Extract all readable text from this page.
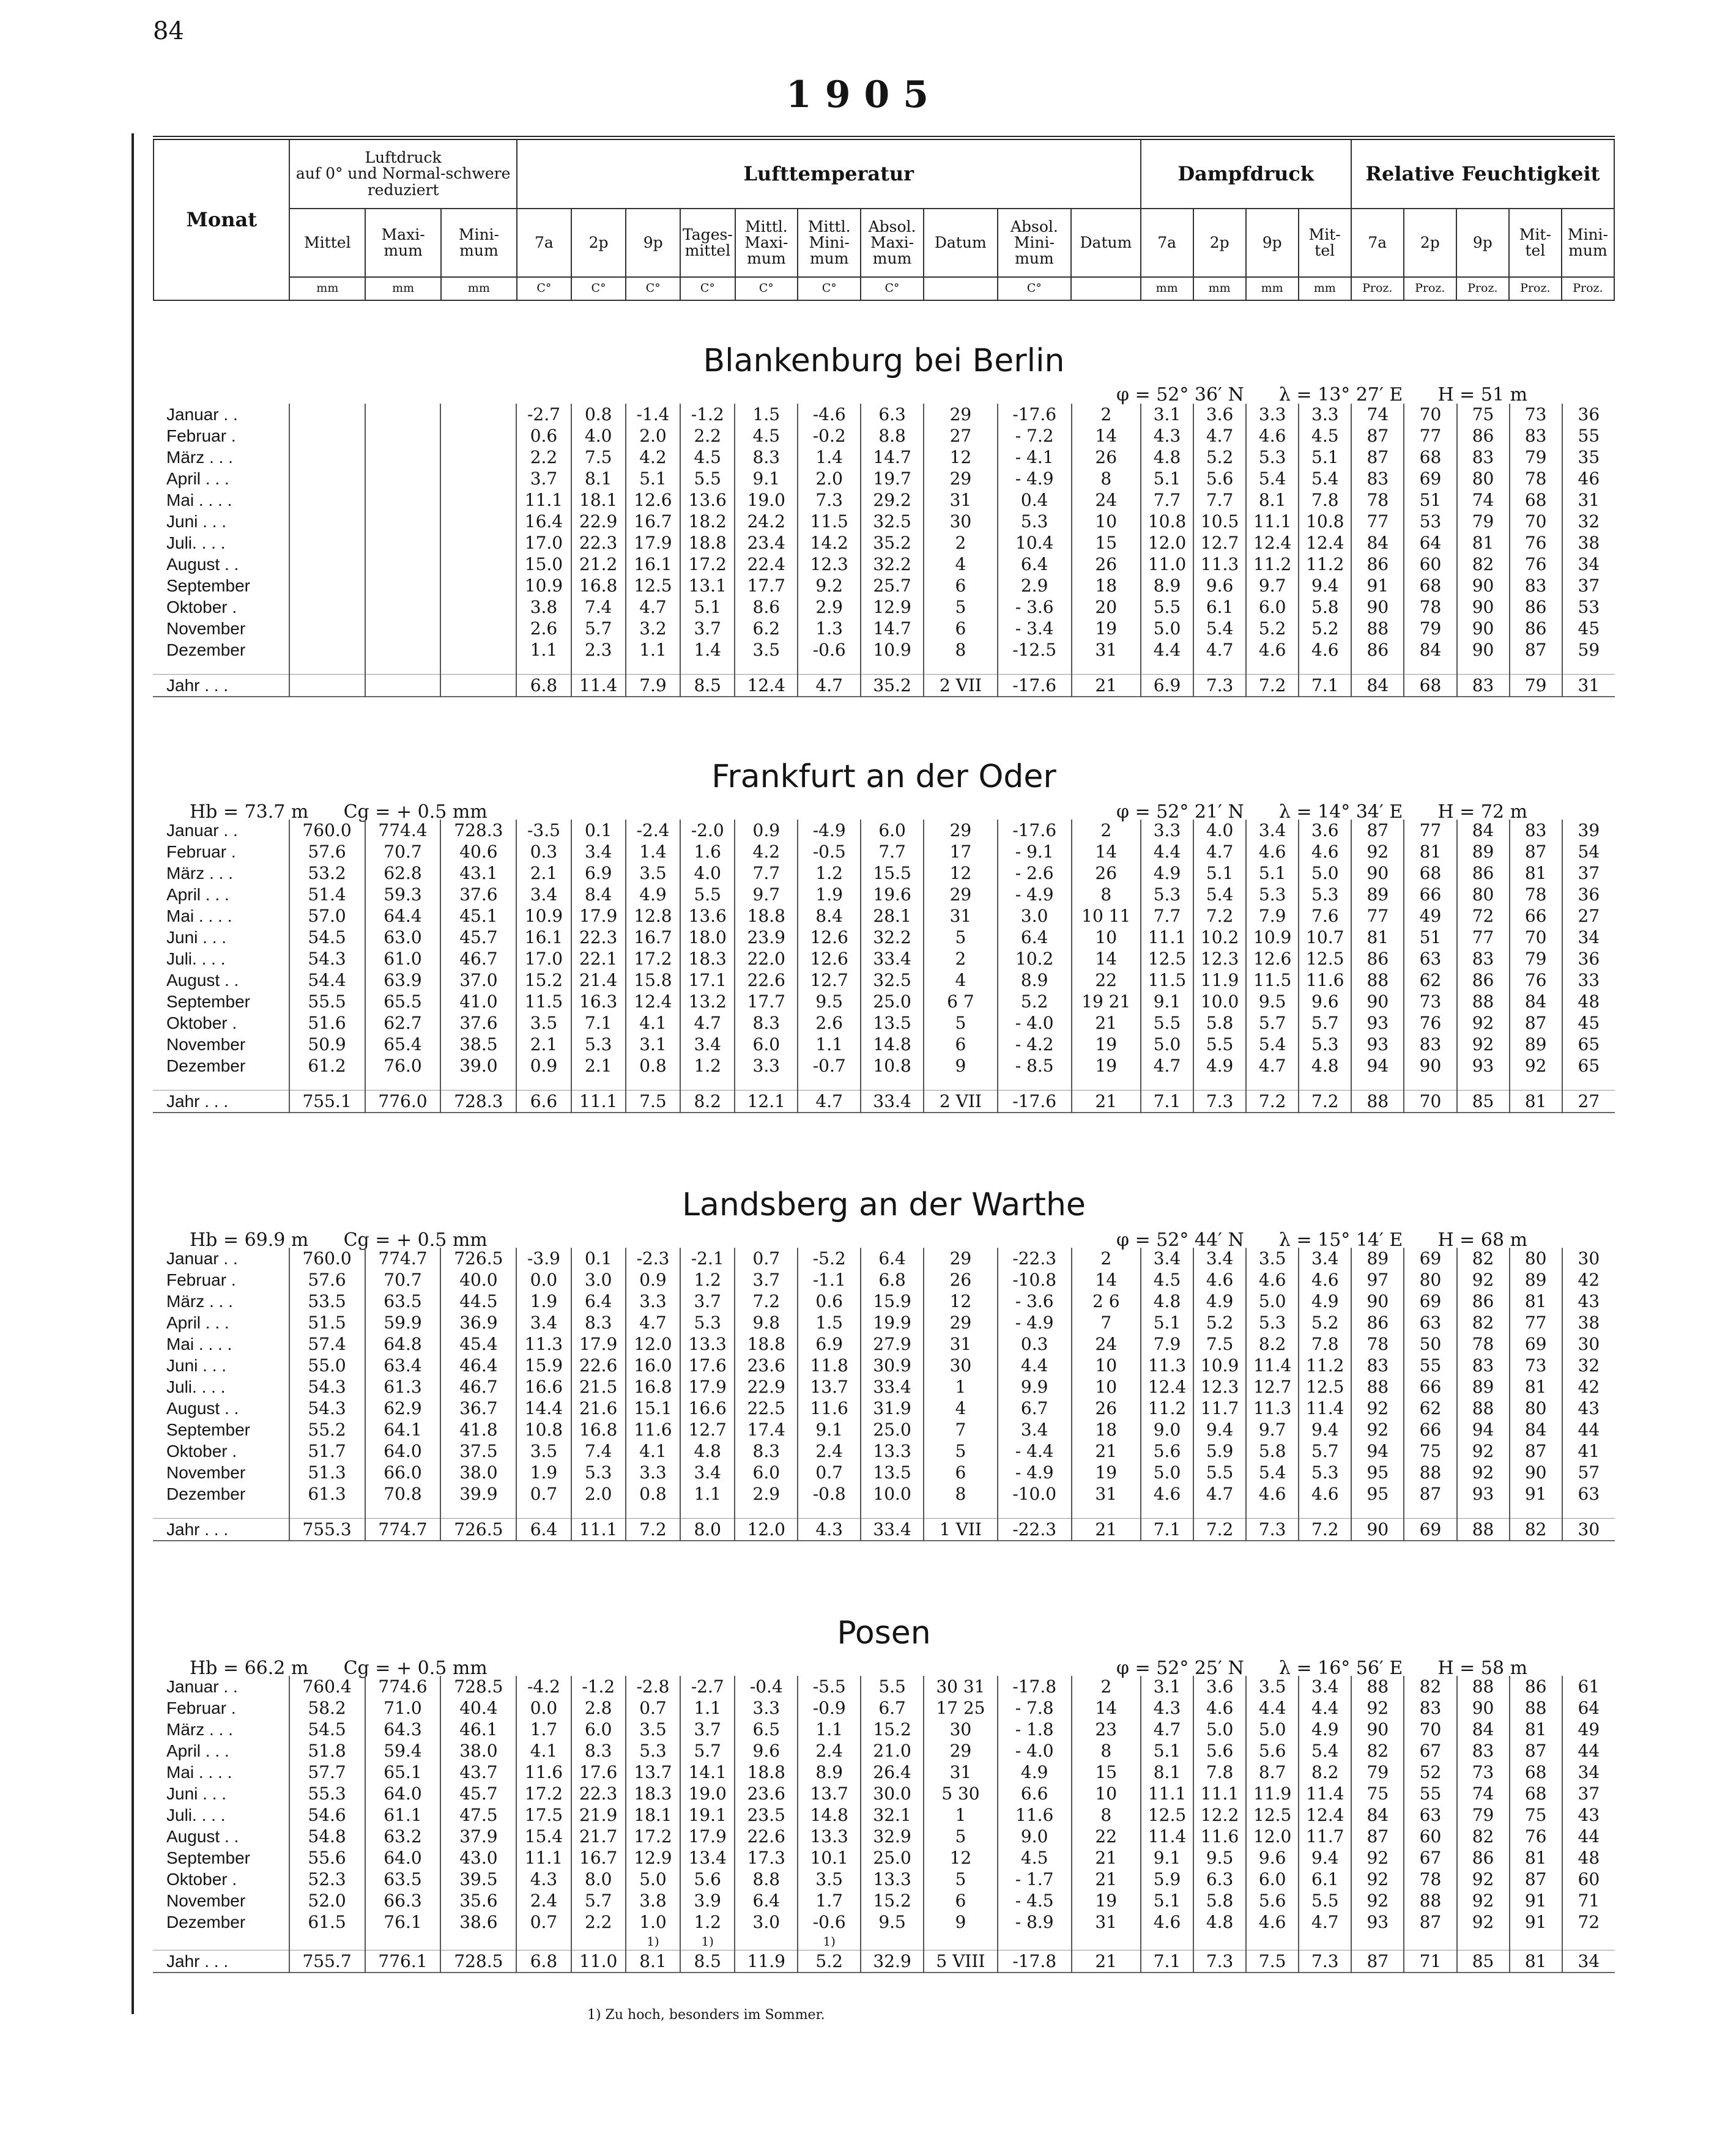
84
1905
Monat	Luftdruck
auf 0° und Normal-schwere reduziert			Lufttemperatur										Dampfdruck				Relative Feuchtigkeit				
	Mittel	Maxi-mum	Mini-mum	7a	2p	9p	Tages-mittel	Mittl. Maxi-mum	Mittl. Mini-mum	Absol. Maxi-mum	Datum	Absol. Mini-mum	Datum	7a	2p	9p	Mit-tel	7a	2p	9p	Mit-tel	Mini-mum
	mm	mm	mm	C°	C°	C°	C°	C°	C°	C°		C°		mm	mm	mm	mm	Proz.	Proz.	Proz.	Proz.	Proz.
Blankenburg bei Berlin
φ = 52° 36′ N      λ = 13° 27′ E      H = 51 m
Januar . .				-2.7	0.8	-1.4	-1.2	1.5	-4.6	6.3	29	-17.6	2	3.1	3.6	3.3	3.3	74	70	75	73	36
Februar .				0.6	4.0	2.0	2.2	4.5	-0.2	8.8	27	- 7.2	14	4.3	4.7	4.6	4.5	87	77	86	83	55
März . . .				2.2	7.5	4.2	4.5	8.3	1.4	14.7	12	- 4.1	26	4.8	5.2	5.3	5.1	87	68	83	79	35
April . . .				3.7	8.1	5.1	5.5	9.1	2.0	19.7	29	- 4.9	8	5.1	5.6	5.4	5.4	83	69	80	78	46
Mai . . . .				11.1	18.1	12.6	13.6	19.0	7.3	29.2	31	0.4	24	7.7	7.7	8.1	7.8	78	51	74	68	31
Juni . . .				16.4	22.9	16.7	18.2	24.2	11.5	32.5	30	5.3	10	10.8	10.5	11.1	10.8	77	53	79	70	32
Juli. . . .				17.0	22.3	17.9	18.8	23.4	14.2	35.2	2	10.4	15	12.0	12.7	12.4	12.4	84	64	81	76	38
August . .				15.0	21.2	16.1	17.2	22.4	12.3	32.2	4	6.4	26	11.0	11.3	11.2	11.2	86	60	82	76	34
September				10.9	16.8	12.5	13.1	17.7	9.2	25.7	6	2.9	18	8.9	9.6	9.7	9.4	91	68	90	83	37
Oktober .				3.8	7.4	4.7	5.1	8.6	2.9	12.9	5	- 3.6	20	5.5	6.1	6.0	5.8	90	78	90	86	53
November				2.6	5.7	3.2	3.7	6.2	1.3	14.7	6	- 3.4	19	5.0	5.4	5.2	5.2	88	79	90	86	45
Dezember				1.1	2.3	1.1	1.4	3.5	-0.6	10.9	8	-12.5	31	4.4	4.7	4.6	4.6	86	84	90	87	59

Jahr . . .				6.8	11.4	7.9	8.5	12.4	4.7	35.2	2 VII	-17.6	21	6.9	7.3	7.2	7.1	84	68	83	79	31
Frankfurt an der Oder
Hb = 73.7 m      Cg = + 0.5 mm	φ = 52° 21′ N      λ = 14° 34′ E      H = 72 m
Januar . .	760.0	774.4	728.3	-3.5	0.1	-2.4	-2.0	0.9	-4.9	6.0	29	-17.6	2	3.3	4.0	3.4	3.6	87	77	84	83	39
Februar .	57.6	70.7	40.6	0.3	3.4	1.4	1.6	4.2	-0.5	7.7	17	- 9.1	14	4.4	4.7	4.6	4.6	92	81	89	87	54
März . . .	53.2	62.8	43.1	2.1	6.9	3.5	4.0	7.7	1.2	15.5	12	- 2.6	26	4.9	5.1	5.1	5.0	90	68	86	81	37
April . . .	51.4	59.3	37.6	3.4	8.4	4.9	5.5	9.7	1.9	19.6	29	- 4.9	8	5.3	5.4	5.3	5.3	89	66	80	78	36
Mai . . . .	57.0	64.4	45.1	10.9	17.9	12.8	13.6	18.8	8.4	28.1	31	3.0	10 11	7.7	7.2	7.9	7.6	77	49	72	66	27
Juni . . .	54.5	63.0	45.7	16.1	22.3	16.7	18.0	23.9	12.6	32.2	5	6.4	10	11.1	10.2	10.9	10.7	81	51	77	70	34
Juli. . . .	54.3	61.0	46.7	17.0	22.1	17.2	18.3	22.0	12.6	33.4	2	10.2	14	12.5	12.3	12.6	12.5	86	63	83	79	36
August . .	54.4	63.9	37.0	15.2	21.4	15.8	17.1	22.6	12.7	32.5	4	8.9	22	11.5	11.9	11.5	11.6	88	62	86	76	33
September	55.5	65.5	41.0	11.5	16.3	12.4	13.2	17.7	9.5	25.0	6 7	5.2	19 21	9.1	10.0	9.5	9.6	90	73	88	84	48
Oktober .	51.6	62.7	37.6	3.5	7.1	4.1	4.7	8.3	2.6	13.5	5	- 4.0	21	5.5	5.8	5.7	5.7	93	76	92	87	45
November	50.9	65.4	38.5	2.1	5.3	3.1	3.4	6.0	1.1	14.8	6	- 4.2	19	5.0	5.5	5.4	5.3	93	83	92	89	65
Dezember	61.2	76.0	39.0	0.9	2.1	0.8	1.2	3.3	-0.7	10.8	9	- 8.5	19	4.7	4.9	4.7	4.8	94	90	93	92	65

Jahr . . .	755.1	776.0	728.3	6.6	11.1	7.5	8.2	12.1	4.7	33.4	2 VII	-17.6	21	7.1	7.3	7.2	7.2	88	70	85	81	27
Landsberg an der Warthe
Hb = 69.9 m      Cg = + 0.5 mm	φ = 52° 44′ N      λ = 15° 14′ E      H = 68 m
Januar . .	760.0	774.7	726.5	-3.9	0.1	-2.3	-2.1	0.7	-5.2	6.4	29	-22.3	2	3.4	3.4	3.5	3.4	89	69	82	80	30
Februar .	57.6	70.7	40.0	0.0	3.0	0.9	1.2	3.7	-1.1	6.8	26	-10.8	14	4.5	4.6	4.6	4.6	97	80	92	89	42
März . . .	53.5	63.5	44.5	1.9	6.4	3.3	3.7	7.2	0.6	15.9	12	- 3.6	2 6	4.8	4.9	5.0	4.9	90	69	86	81	43
April . . .	51.5	59.9	36.9	3.4	8.3	4.7	5.3	9.8	1.5	19.9	29	- 4.9	7	5.1	5.2	5.3	5.2	86	63	82	77	38
Mai . . . .	57.4	64.8	45.4	11.3	17.9	12.0	13.3	18.8	6.9	27.9	31	0.3	24	7.9	7.5	8.2	7.8	78	50	78	69	30
Juni . . .	55.0	63.4	46.4	15.9	22.6	16.0	17.6	23.6	11.8	30.9	30	4.4	10	11.3	10.9	11.4	11.2	83	55	83	73	32
Juli. . . .	54.3	61.3	46.7	16.6	21.5	16.8	17.9	22.9	13.7	33.4	1	9.9	10	12.4	12.3	12.7	12.5	88	66	89	81	42
August . .	54.3	62.9	36.7	14.4	21.6	15.1	16.6	22.5	11.6	31.9	4	6.7	26	11.2	11.7	11.3	11.4	92	62	88	80	43
September	55.2	64.1	41.8	10.8	16.8	11.6	12.7	17.4	9.1	25.0	7	3.4	18	9.0	9.4	9.7	9.4	92	66	94	84	44
Oktober .	51.7	64.0	37.5	3.5	7.4	4.1	4.8	8.3	2.4	13.3	5	- 4.4	21	5.6	5.9	5.8	5.7	94	75	92	87	41
November	51.3	66.0	38.0	1.9	5.3	3.3	3.4	6.0	0.7	13.5	6	- 4.9	19	5.0	5.5	5.4	5.3	95	88	92	90	57
Dezember	61.3	70.8	39.9	0.7	2.0	0.8	1.1	2.9	-0.8	10.0	8	-10.0	31	4.6	4.7	4.6	4.6	95	87	93	91	63

Jahr . . .	755.3	774.7	726.5	6.4	11.1	7.2	8.0	12.0	4.3	33.4	1 VII	-22.3	21	7.1	7.2	7.3	7.2	90	69	88	82	30
Posen
Hb = 66.2 m      Cg = + 0.5 mm	φ = 52° 25′ N      λ = 16° 56′ E      H = 58 m
Januar . .	760.4	774.6	728.5	-4.2	-1.2	-2.8	-2.7	-0.4	-5.5	5.5	30 31	-17.8	2	3.1	3.6	3.5	3.4	88	82	88	86	61
Februar .	58.2	71.0	40.4	0.0	2.8	0.7	1.1	3.3	-0.9	6.7	17 25	- 7.8	14	4.3	4.6	4.4	4.4	92	83	90	88	64
März . . .	54.5	64.3	46.1	1.7	6.0	3.5	3.7	6.5	1.1	15.2	30	- 1.8	23	4.7	5.0	5.0	4.9	90	70	84	81	49
April . . .	51.8	59.4	38.0	4.1	8.3	5.3	5.7	9.6	2.4	21.0	29	- 4.0	8	5.1	5.6	5.6	5.4	82	67	83	87	44
Mai . . . .	57.7	65.1	43.7	11.6	17.6	13.7	14.1	18.8	8.9	26.4	31	4.9	15	8.1	7.8	8.7	8.2	79	52	73	68	34
Juni . . .	55.3	64.0	45.7	17.2	22.3	18.3	19.0	23.6	13.7	30.0	5 30	6.6	10	11.1	11.1	11.9	11.4	75	55	74	68	37
Juli. . . .	54.6	61.1	47.5	17.5	21.9	18.1	19.1	23.5	14.8	32.1	1	11.6	8	12.5	12.2	12.5	12.4	84	63	79	75	43
August . .	54.8	63.2	37.9	15.4	21.7	17.2	17.9	22.6	13.3	32.9	5	9.0	22	11.4	11.6	12.0	11.7	87	60	82	76	44
September	55.6	64.0	43.0	11.1	16.7	12.9	13.4	17.3	10.1	25.0	12	4.5	21	9.1	9.5	9.6	9.4	92	67	86	81	48
Oktober .	52.3	63.5	39.5	4.3	8.0	5.0	5.6	8.8	3.5	13.3	5	- 1.7	21	5.9	6.3	6.0	6.1	92	78	92	87	60
November	52.0	66.3	35.6	2.4	5.7	3.8	3.9	6.4	1.7	15.2	6	- 4.5	19	5.1	5.8	5.6	5.5	92	88	92	91	71
Dezember	61.5	76.1	38.6	0.7	2.2	1.0	1.2	3.0	-0.6	9.5	9	- 8.9	31	4.6	4.8	4.6	4.7	93	87	92	91	72
						1)	1)		1)													
Jahr . . .	755.7	776.1	728.5	6.8	11.0	8.1	8.5	11.9	5.2	32.9	5 VIII	-17.8	21	7.1	7.3	7.5	7.3	87	71	85	81	34
1) Zu hoch, besonders im Sommer.
